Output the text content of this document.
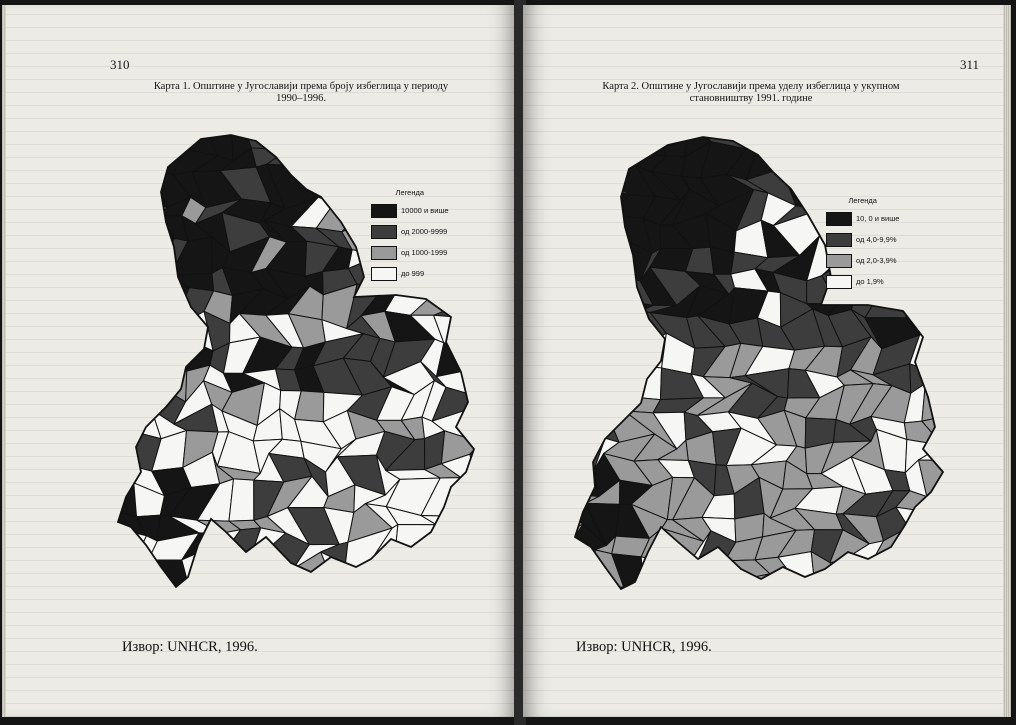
310
Карта 1. Општине у Југославији према броју избеглица у периоду 1990–1996.
Легенда
10000 и више
од 2000-9999
од 1000-1999
до 999
Извор: UNHCR, 1996.
311
Карта 2. Општине у Југославији према уделу избеглица у укупном становништву 1991. године
Легенда
10, 0 и више
од 4,0-9,9%
од 2,0-3,9%
до 1,9%
Извор: UNHCR, 1996.
